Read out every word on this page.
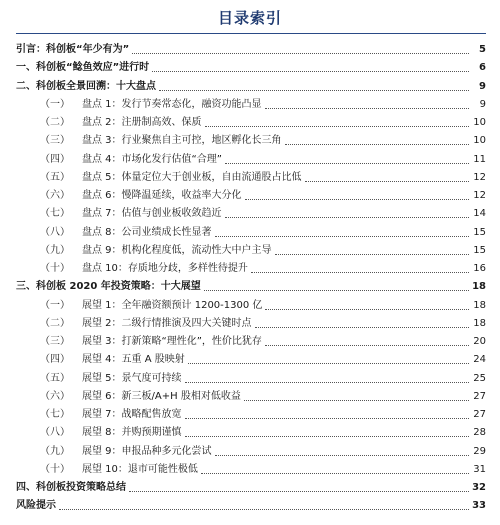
目录索引
引言：科创板“年少有为”	5
一、科创板“鲶鱼效应”进行时	6
二、科创板全景回溯：十大盘点	9
（一） 盘点 1：发行节奏常态化，融资功能凸显	9
（二） 盘点 2：注册制高效、保质	10
（三） 盘点 3：行业聚焦自主可控，地区孵化长三角	10
（四） 盘点 4：市场化发行估值“合理”	11
（五） 盘点 5：体量定位大于创业板，自由流通股占比低	12
（六） 盘点 6：慢降温延续，收益率大分化	12
（七） 盘点 7：估值与创业板收敛趋近	14
（八） 盘点 8：公司业绩成长性显著	15
（九） 盘点 9：机构化程度低，流动性大中户主导	15
（十） 盘点 10：存质地分歧，多样性待提升	16
三、科创板 2020 年投资策略：十大展望	18
（一） 展望 1：全年融资额预计 1200-1300 亿	18
（二） 展望 2：二级行情推演及四大关键时点	18
（三） 展望 3：打新策略“理性化”，性价比犹存	20
（四） 展望 4：五重 A 股映射	24
（五） 展望 5：景气度可持续	25
（六） 展望 6：新三板/A+H 股相对低收益	27
（七） 展望 7：战略配售放宽	27
（八） 展望 8：并购预期谨慎	28
（九） 展望 9：申报品种多元化尝试	29
（十） 展望 10：退市可能性极低	31
四、科创板投资策略总结	32
风险提示	33
